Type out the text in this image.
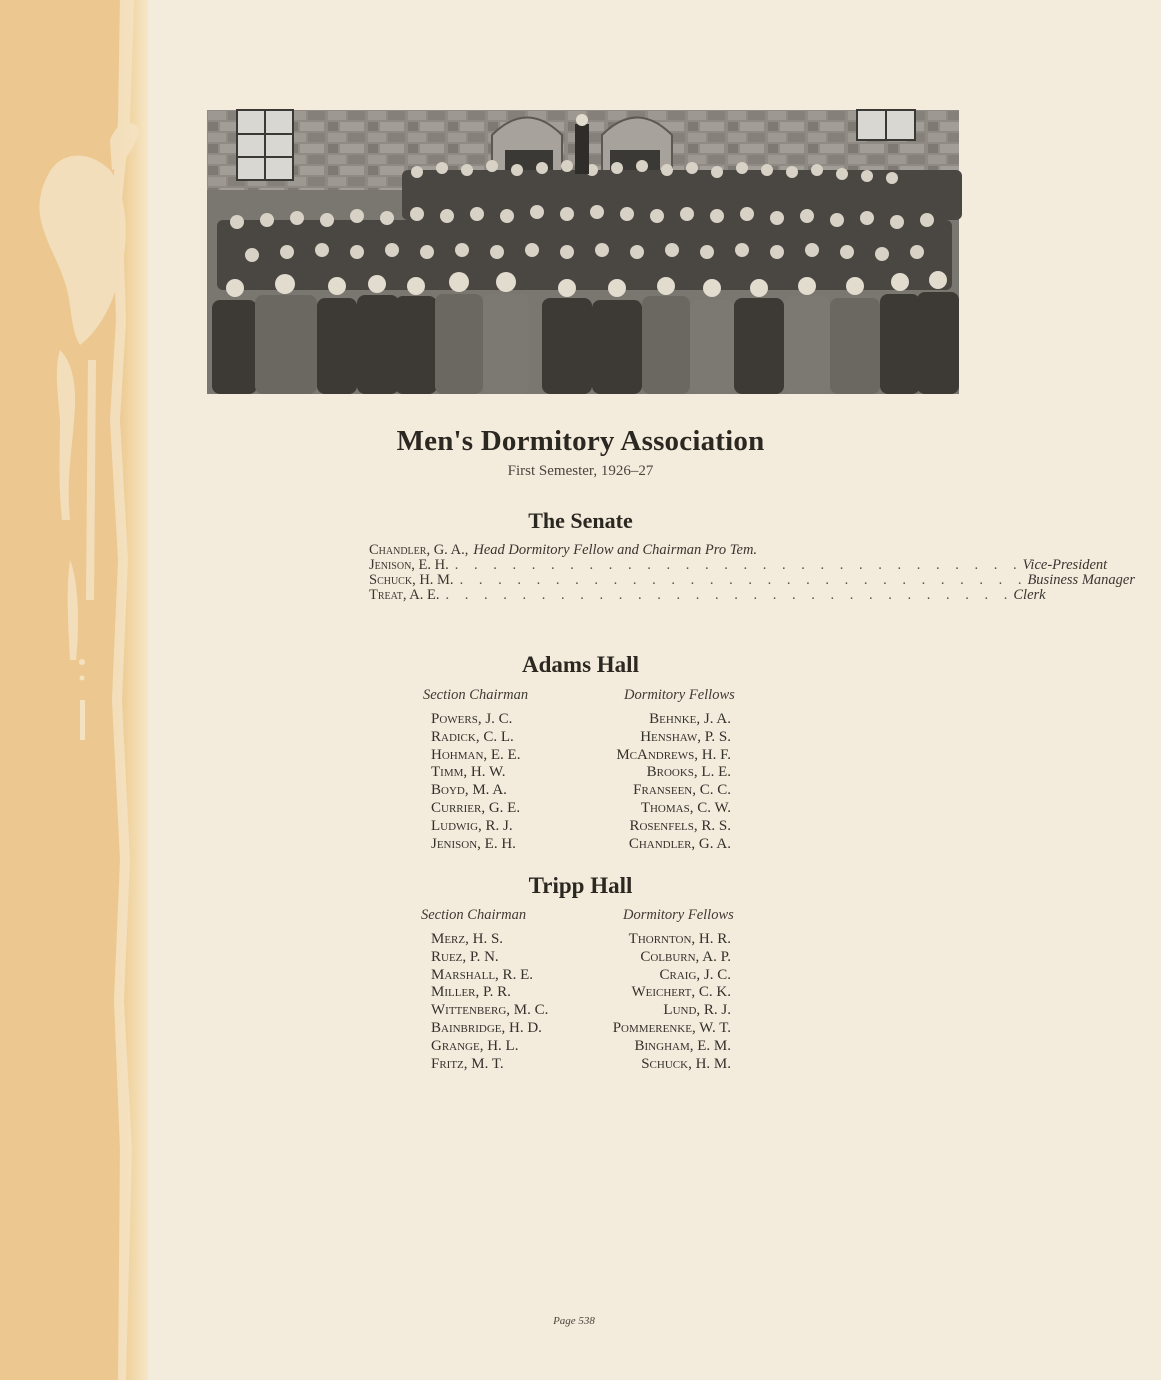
Men's Dormitory Association
First Semester, 1926–27
The Senate
Chandler, G. A., Head Dormitory Fellow and Chairman Pro Tem.
Jenison, E. H. . . . . . . . . . . . . . . . . . . . . . . . . . . . . . . Vice-President
Schuck, H. M. . . . . . . . . . . . . . . . . . . . . . . . . . . . . . . Business Manager
Treat, A. E. . . . . . . . . . . . . . . . . . . . . . . . . . . . . . . Clerk
Adams Hall
Section Chairman	Dormitory Fellows
Powers, J. C.
Radick, C. L.
Hohman, E. E.
Timm, H. W.
Boyd, M. A.
Currier, G. E.
Ludwig, R. J.
Jenison, E. H.
Behnke, J. A.
Henshaw, P. S.
McAndrews, H. F.
Brooks, L. E.
Franseen, C. C.
Thomas, C. W.
Rosenfels, R. S.
Chandler, G. A.
Tripp Hall
Section Chairman	Dormitory Fellows
Merz, H. S.
Ruez, P. N.
Marshall, R. E.
Miller, P. R.
Wittenberg, M. C.
Bainbridge, H. D.
Grange, H. L.
Fritz, M. T.
Thornton, H. R.
Colburn, A. P.
Craig, J. C.
Weichert, C. K.
Lund, R. J.
Pommerenke, W. T.
Bingham, E. M.
Schuck, H. M.
Page 538
